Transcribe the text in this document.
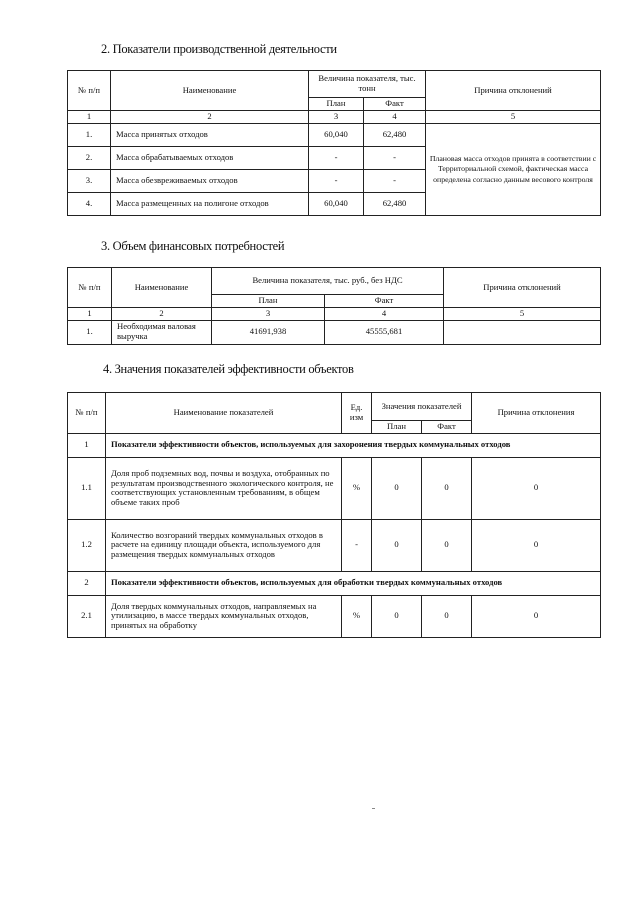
2. Показатели производственной деятельности
№ п/п	Наименование	Величина показателя, тыс. тонн		Причина отклонений
		План	Факт	
1	2	3	4	5
1.	Масса принятых отходов	60,040	62,480	Плановая масса отходов принята в соответствии с Территориальной схемой, фактическая масса определена согласно данным весового контроля
2.	Масса обрабатываемых отходов	-	-	
3.	Масса обезвреживаемых отходов	-	-	
4.	Масса размещенных на полигоне отходов	60,040	62,480	
3. Объем финансовых потребностей
№ п/п	Наименование	Величина показателя, тыс. руб., без НДС		Причина отклонений
		План	Факт	
1	2	3	4	5
1.	Необходимая валовая выручка	41691,938	45555,681	
4. Значения показателей эффективности объектов
№ п/п	Наименование показателей	Ед. изм	Значения показателей		Причина отклонения
			План	Факт	
1	Показатели эффективности объектов, используемых для захоронения твердых коммунальных отходов				
1.1	Доля проб подземных вод, почвы и воздуха, отобранных по результатам производственного экологического контроля, не соответствующих установленным требованиям, в общем объеме таких проб	%	0	0	0
1.2	Количество возгораний твердых коммунальных отходов в расчете на единицу площади объекта, используемого для размещения твердых коммунальных отходов	-	0	0	0
2	Показатели эффективности объектов, используемых для обработки твердых коммунальных отходов				
2.1	Доля твердых коммунальных отходов, направляемых на утилизацию, в массе твердых коммунальных отходов, принятых на обработку	%	0	0	0
